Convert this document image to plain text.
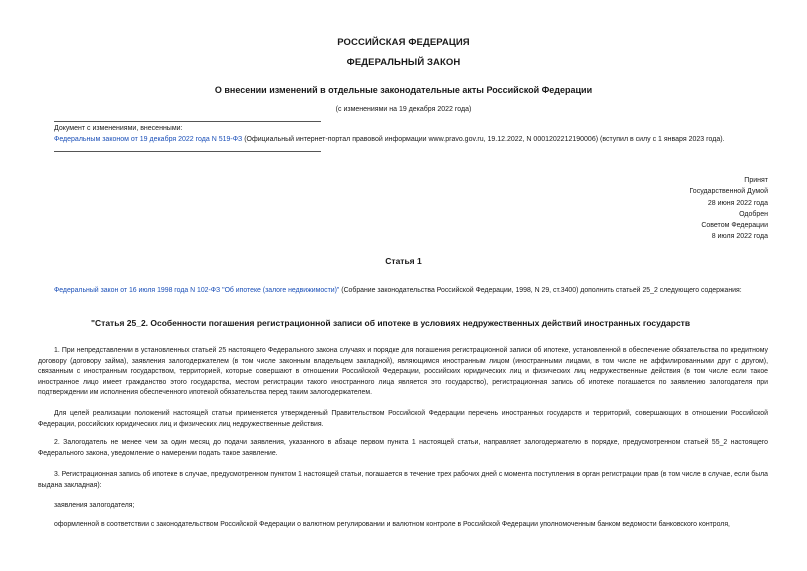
РОССИЙСКАЯ ФЕДЕРАЦИЯ
ФЕДЕРАЛЬНЫЙ ЗАКОН
О внесении изменений в отдельные законодательные акты Российской Федерации
(с изменениями на 19 декабря 2022 года)
Документ с изменениями, внесенными:
Федеральным законом от 19 декабря 2022 года N 519-ФЗ (Официальный интернет-портал правовой информации www.pravo.gov.ru, 19.12.2022, N 0001202212190006) (вступил в силу с 1 января 2023 года).
Принят
Государственной Думой
28 июня 2022 года
Одобрен
Советом Федерации
8 июля 2022 года
Статья 1
Федеральный закон от 16 июля 1998 года N 102-ФЗ "Об ипотеке (залоге недвижимости)" (Собрание законодательства Российской Федерации, 1998, N 29, ст.3400) дополнить статьей 25_2 следующего содержания:
"Статья 25_2. Особенности погашения регистрационной записи об ипотеке в условиях недружественных действий иностранных государств
1. При непредставлении в установленных статьей 25 настоящего Федерального закона случаях и порядке для погашения регистрационной записи об ипотеке, установленной в обеспечение обязательства по кредитному договору (договору займа), заявления залогодержателем (в том числе законным владельцем закладной), являющимся иностранным лицом (иностранными лицами, в том числе не аффилированными друг с другом), связанным с иностранным государством, территорией, которые совершают в отношении Российской Федерации, российских юридических лиц и физических лиц недружественные действия (в том числе если такое иностранное лицо имеет гражданство этого государства, местом регистрации такого иностранного лица является это государство), регистрационная запись об ипотеке погашается по заявлению залогодателя при подтверждении им исполнения обеспеченного ипотекой обязательства перед таким залогодержателем.
Для целей реализации положений настоящей статьи применяется утвержденный Правительством Российской Федерации перечень иностранных государств и территорий, совершающих в отношении Российской Федерации, российских юридических лиц и физических лиц недружественные действия.
2. Залогодатель не менее чем за один месяц до подачи заявления, указанного в абзаце первом пункта 1 настоящей статьи, направляет залогодержателю в порядке, предусмотренном статьей 55_2 настоящего Федерального закона, уведомление о намерении подать такое заявление.
3. Регистрационная запись об ипотеке в случае, предусмотренном пунктом 1 настоящей статьи, погашается в течение трех рабочих дней с момента поступления в орган регистрации прав (в том числе в случае, если была выдана закладная):
заявления залогодателя;
оформленной в соответствии с законодательством Российской Федерации о валютном регулировании и валютном контроле в Российской Федерации уполномоченным банком ведомости банковского контроля,
